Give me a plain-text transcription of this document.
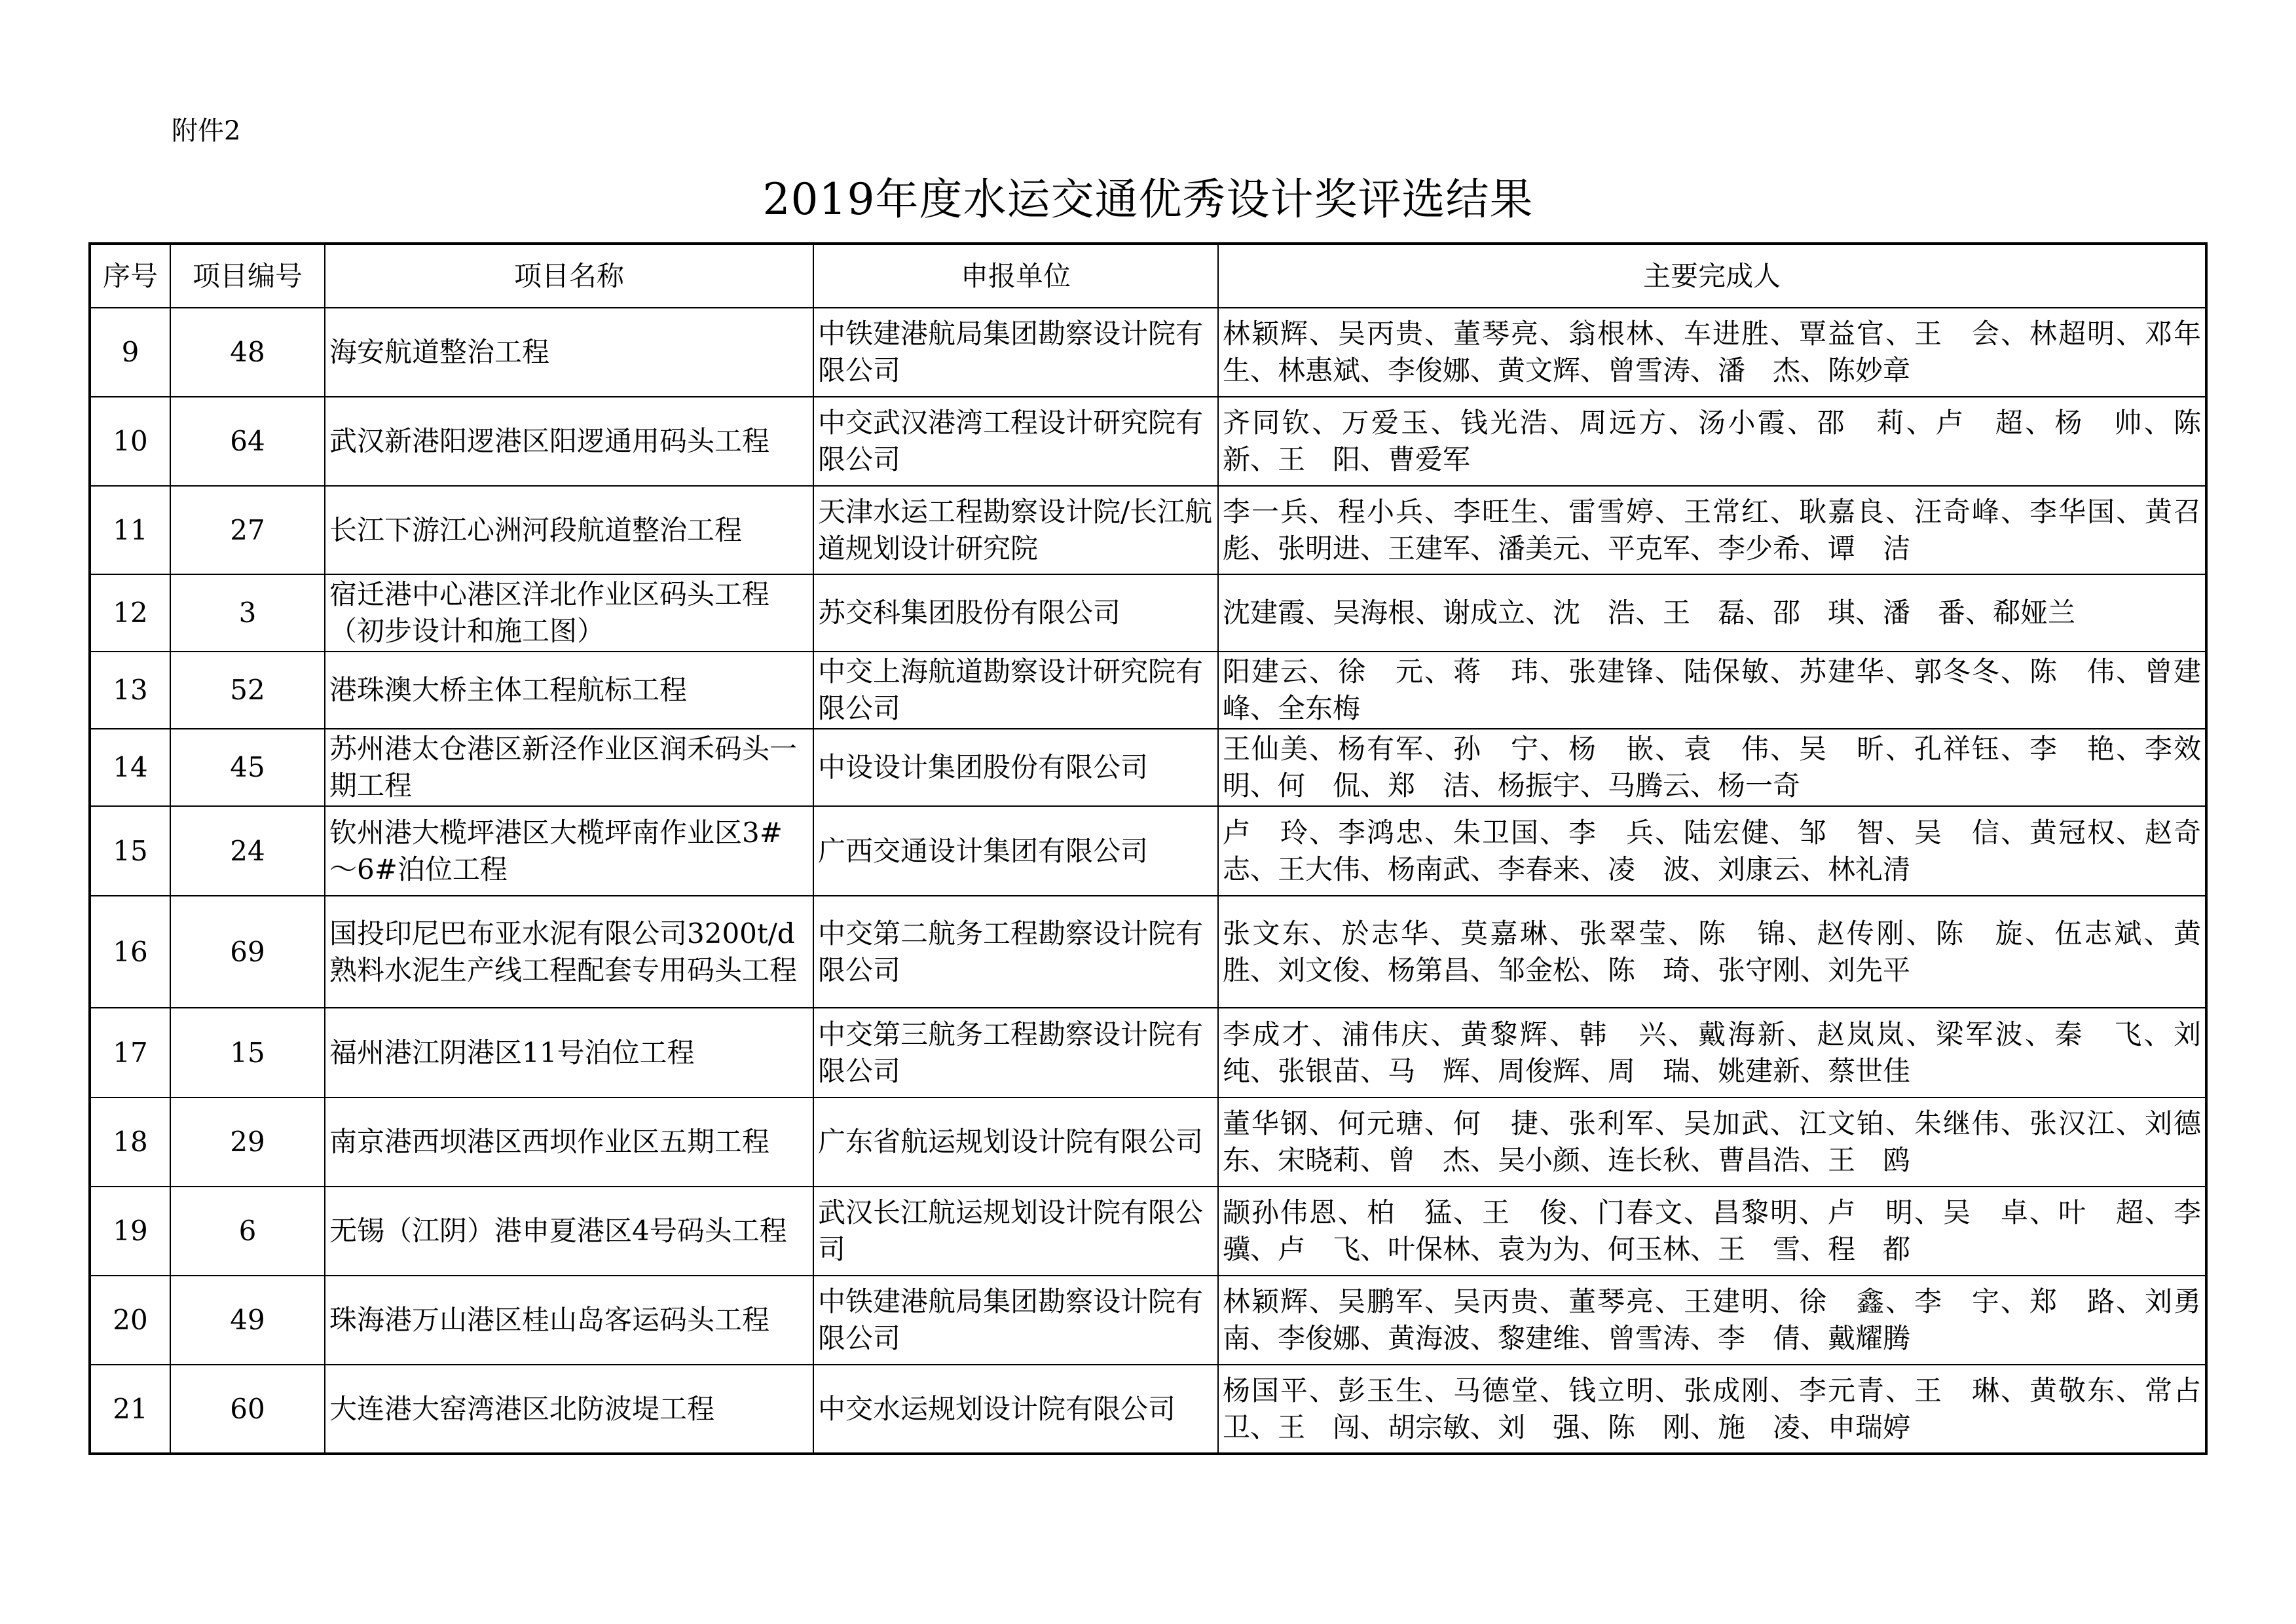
附件2
2019年度水运交通优秀设计奖评选结果
序号	项目编号	项目名称	申报单位	主要完成人
9	48	海安航道整治工程	中铁建港航局集团勘察设计院有限公司	林颖辉、吴丙贵、董琴亮、翁根林、车进胜、覃益官、王　会、林超明、邓年生、林惠斌、李俊娜、黄文辉、曾雪涛、潘　杰、陈妙章
10	64	武汉新港阳逻港区阳逻通用码头工程	中交武汉港湾工程设计研究院有限公司	齐同钦、万爱玉、钱光浩、周远方、汤小霞、邵　莉、卢　超、杨　帅、陈　新、王　阳、曹爱军
11	27	长江下游江心洲河段航道整治工程	天津水运工程勘察设计院/长江航道规划设计研究院	李一兵、程小兵、李旺生、雷雪婷、王常红、耿嘉良、汪奇峰、李华国、黄召彪、张明进、王建军、潘美元、平克军、李少希、谭　洁
12	3	宿迁港中心港区洋北作业区码头工程（初步设计和施工图）	苏交科集团股份有限公司	沈建霞、吴海根、谢成立、沈　浩、王　磊、邵　琪、潘　番、郗娅兰
13	52	港珠澳大桥主体工程航标工程	中交上海航道勘察设计研究院有限公司	阳建云、徐　元、蒋　玮、张建锋、陆保敏、苏建华、郭冬冬、陈　伟、曾建峰、全东梅
14	45	苏州港太仓港区新泾作业区润禾码头一期工程	中设设计集团股份有限公司	王仙美、杨有军、孙　宁、杨　嵌、袁　伟、吴　昕、孔祥钰、李　艳、李效明、何　侃、郑　洁、杨振宇、马腾云、杨一奇
15	24	钦州港大榄坪港区大榄坪南作业区3#～6#泊位工程	广西交通设计集团有限公司	卢　玲、李鸿忠、朱卫国、李　兵、陆宏健、邹　智、吴　信、黄冠权、赵奇志、王大伟、杨南武、李春来、凌　波、刘康云、林礼清
16	69	国投印尼巴布亚水泥有限公司3200t/d熟料水泥生产线工程配套专用码头工程	中交第二航务工程勘察设计院有限公司	张文东、於志华、莫嘉琳、张翠莹、陈　锦、赵传刚、陈　旋、伍志斌、黄　胜、刘文俊、杨第昌、邹金松、陈　琦、张守刚、刘先平
17	15	福州港江阴港区11号泊位工程	中交第三航务工程勘察设计院有限公司	李成才、浦伟庆、黄黎辉、韩　兴、戴海新、赵岚岚、梁军波、秦　飞、刘　纯、张银苗、马　辉、周俊辉、周　瑞、姚建新、蔡世佳
18	29	南京港西坝港区西坝作业区五期工程	广东省航运规划设计院有限公司	董华钢、何元瑭、何　捷、张利军、吴加武、江文铂、朱继伟、张汉江、刘德东、宋晓莉、曾　杰、吴小颜、连长秋、曹昌浩、王　鸥
19	6	无锡（江阴）港申夏港区4号码头工程	武汉长江航运规划设计院有限公司	颛孙伟恩、柏　猛、王　俊、门春文、昌黎明、卢　明、吴　卓、叶　超、李　骥、卢　飞、叶保林、袁为为、何玉林、王　雪、程　都
20	49	珠海港万山港区桂山岛客运码头工程	中铁建港航局集团勘察设计院有限公司	林颖辉、吴鹏军、吴丙贵、董琴亮、王建明、徐　鑫、李　宇、郑　路、刘勇南、李俊娜、黄海波、黎建维、曾雪涛、李　倩、戴耀腾
21	60	大连港大窑湾港区北防波堤工程	中交水运规划设计院有限公司	杨国平、彭玉生、马德堂、钱立明、张成刚、李元青、王　琳、黄敬东、常占卫、王　闯、胡宗敏、刘　强、陈　刚、施　凌、申瑞婷
